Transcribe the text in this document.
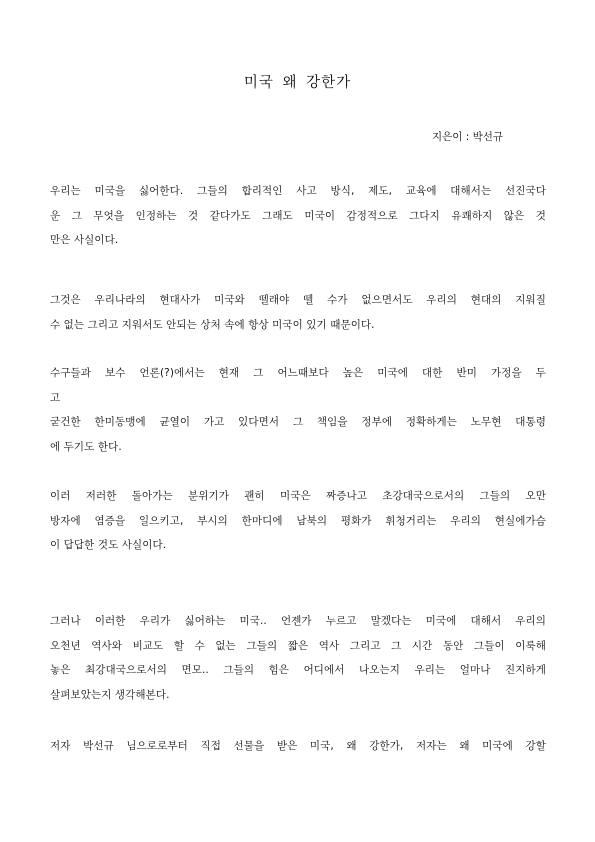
미국 왜 강한가
지은이 : 박선규
우리는 미국을 싫어한다. 그들의 합리적인 사고 방식, 제도, 교육에 대해서는 선진국다
운 그 무엇을 인정하는 것 같다가도 그래도 미국이 감정적으로 그다지 유쾌하지 않은 것
만은 사실이다.
그것은 우리나라의 현대사가 미국와 뗄래야 뗄 수가 없으면서도 우리의 현대의 지워질
수 없는 그리고 지워서도 안되는 상처 속에 항상 미국이 있기 때문이다.
수구들과 보수 언론(?)에서는 현재 그 어느때보다 높은 미국에 대한 반미 가정을 두
고
굳건한 한미동맹에 균열이 가고 있다면서 그 책임을 정부에 정확하게는 노무현 대통령
에 두기도 한다.
이러 저러한 돌아가는 분위기가 괜히 미국은 짜증나고 초강대국으로서의 그들의 오만
방자에 염증을 일으키고, 부시의 한마디에 남북의 평화가 휘청거리는 우리의 현실에가슴
이 답답한 것도 사실이다.
그러나 이러한 우리가 싫어하는 미국.. 언젠가 누르고 말겠다는 미국에 대해서 우리의
오천년 역사와 비교도 할 수 없는 그들의 짧은 역사 그리고 그 시간 동안 그들이 이룩해
놓은 최강대국으로서의 면모.. 그들의 힘은 어디에서 나오는지 우리는 얼마나 진지하게
살펴보았는지 생각해본다.
저자 박선규 님으로로부터 직접 선물을 받은 미국, 왜 강한가, 저자는 왜 미국에 강할
